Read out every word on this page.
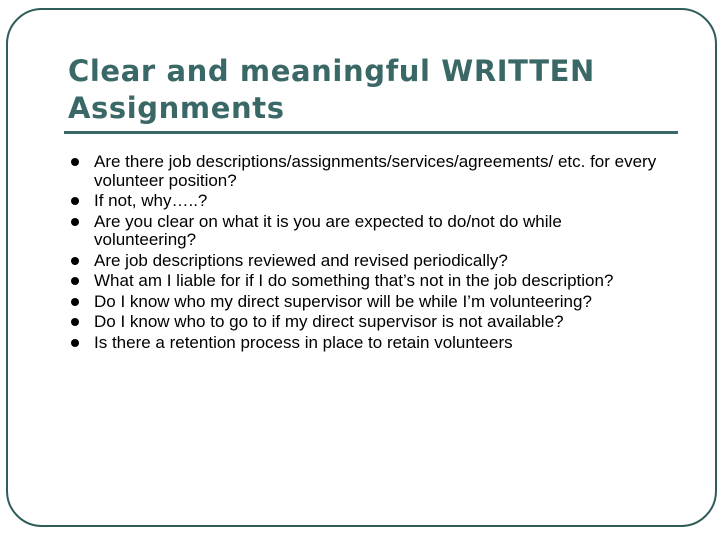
Clear and meaningful WRITTEN
Assignments
Are there job descriptions/assignments/services/agreements/ etc. for every volunteer position?
If not, why…..?
Are you clear on what it is you are expected to do/not do while volunteering?
Are job descriptions reviewed and revised periodically?
What am I liable for if I do something that’s not in the job description?
Do I know who my direct supervisor will be while I’m volunteering?
Do I know who to go to if my direct supervisor is not available?
Is there a retention process in place to retain volunteers
